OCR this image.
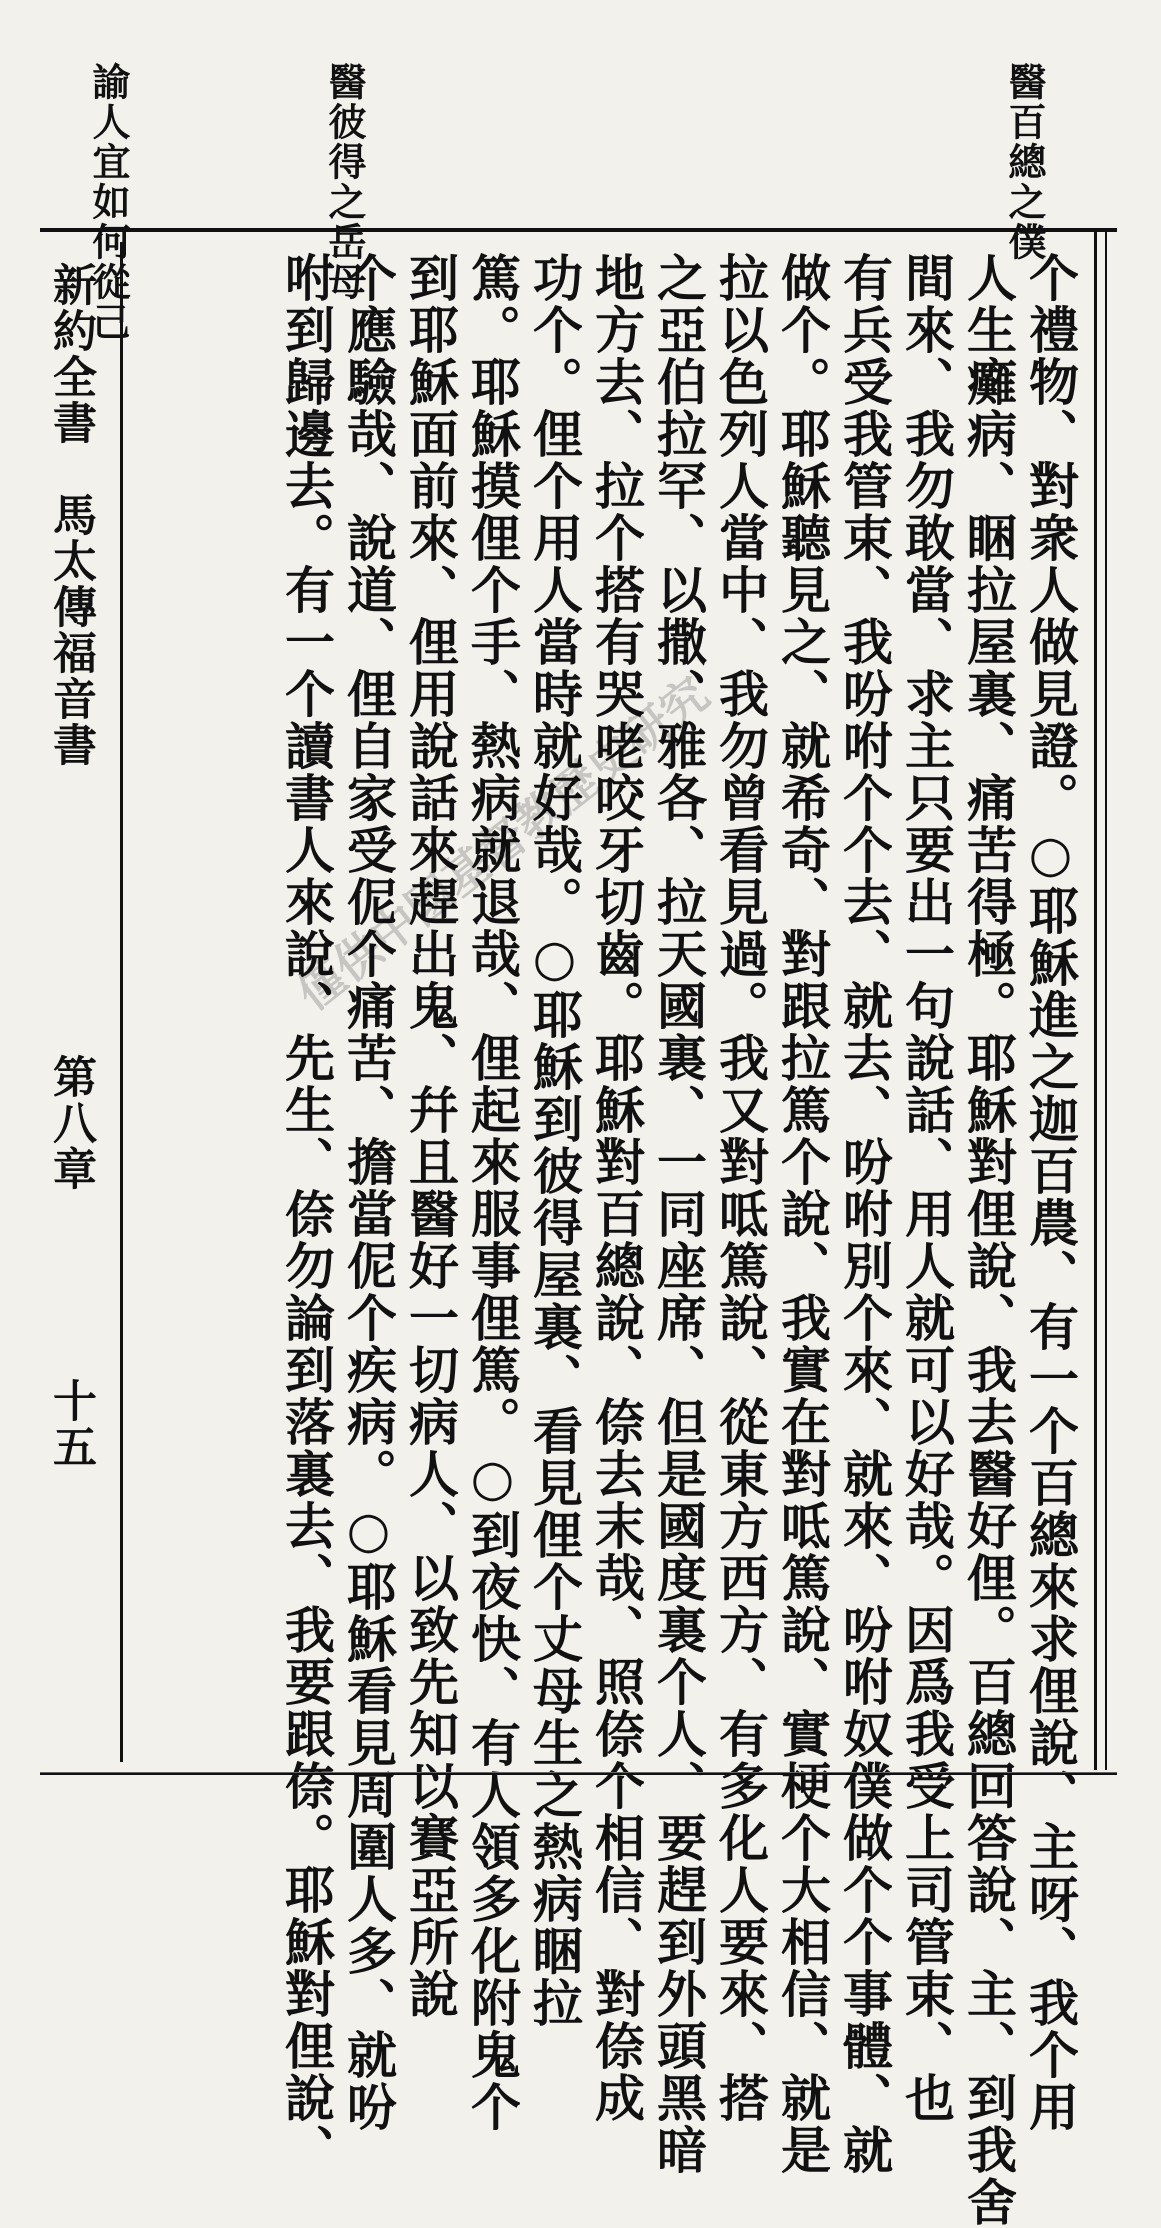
醫百總之僕
醫彼得之岳母
諭人宜如何從己
新約全書　馬太傳福音書
第八章
十五	个禮物、對衆人做見證。○耶穌進之迦百農、有一个百總來求俚說、主呀、我个用
人生癱病、睏拉屋裏、痛苦得極。耶穌對俚說、我去醫好俚。百總回答說、主、到我舍
間來、我勿敢當、求主只要出一句說話、用人就可以好哉。因爲我受上司管束、也
有兵受我管束、我吩咐个个去、就去、吩咐別个來、就來、吩咐奴僕做个个事體、就
做个。耶穌聽見之、就希奇、對跟拉篤个說、我實在對呧篤說、實梗个大相信、就是
拉以色列人當中、我勿曾看見過。我又對呧篤說、從東方西方、有多化人要來、搭
之亞伯拉罕、以撒、雅各、拉天國裏、一同座席、但是國度裏个人、要趕到外頭黑暗
地方去、拉个搭有哭咾咬牙切齒。耶穌對百總說、倷去末哉、照倷个相信、對倷成
功个。俚个用人當時就好哉。○耶穌到彼得屋裏、看見俚个丈母生之熱病睏拉
篤。耶穌摸俚个手、熱病就退哉、俚起來服事俚篤。○到夜快、有人領多化附鬼个
到耶穌面前來、俚用說話來趕出鬼、幷且醫好一切病人、以致先知以賽亞所說
个應驗哉、說道、俚自家受伲个痛苦、擔當伲个疾病。○耶穌看見周圍人多、就吩
咐到歸邊去。有一个讀書人來說、先生、倷勿論到落裏去、我要跟倷。耶穌對俚說、
僅供中國基督教歷史研究
